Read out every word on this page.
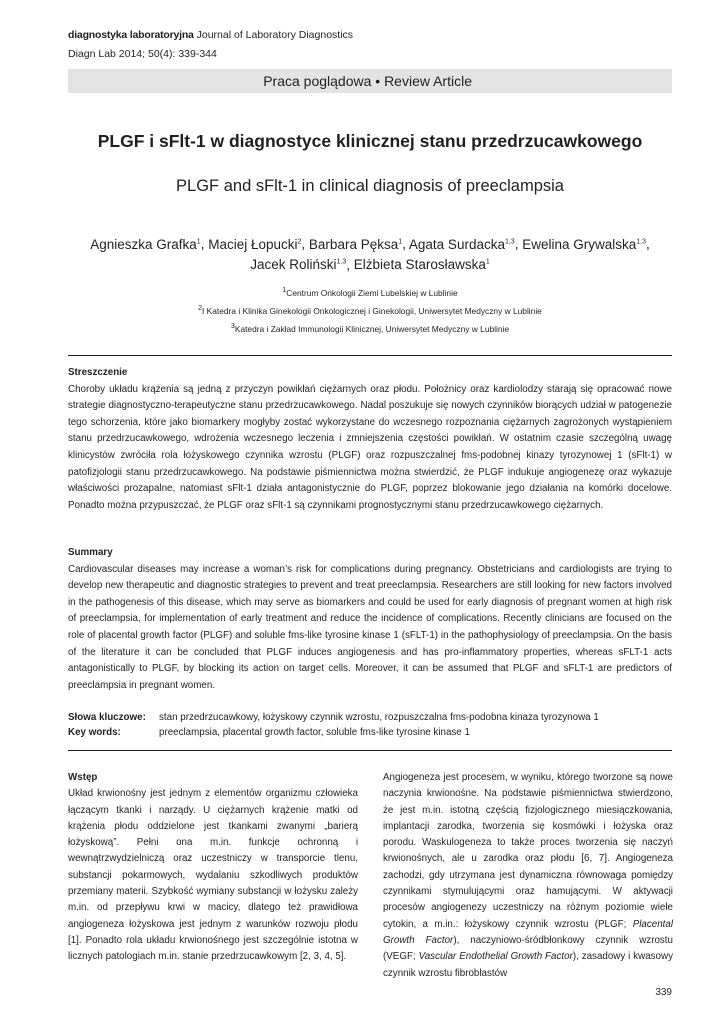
diagnostyka laboratoryjna Journal of Laboratory Diagnostics
Diagn Lab 2014; 50(4): 339-344
Praca poglądowa • Review Article
PLGF i sFlt-1 w diagnostyce klinicznej stanu przedrzucawkowego
PLGF and sFlt-1 in clinical diagnosis of preeclampsia
Agnieszka Grafka$^1$, Maciej Łopucki$^2$, Barbara Pęksa$^1$, Agata Surdacka$^{1,3}$, Ewelina Grywalska$^{1,3}$,
Jacek Roliński$^{1,3}$, Elżbieta Starosławska$^1$
$^1$Centrum Onkologii Ziemi Lubelskiej w Lublinie
$^2$I Katedra i Klinika Ginekologii Onkologicznej i Ginekologii, Uniwersytet Medyczny w Lublinie
$^3$Katedra i Zakład Immunologii Klinicznej, Uniwersytet Medyczny w Lublinie
Streszczenie
Choroby układu krążenia są jedną z przyczyn powikłań ciężarnych oraz płodu. Położnicy oraz kardiolodzy starają się opracować nowe strategie diagnostyczno-terapeutyczne stanu przedrzucawkowego. Nadal poszukuje się nowych czynników biorących udział w patogenezie tego schorzenia, które jako biomarkery mogłyby zostać wykorzystane do wczesnego rozpoznania ciężarnych zagrożonych wystąpieniem stanu przedrzucawkowego, wdrożenia wczesnego leczenia i zmniejszenia częstości powikłań. W ostatnim czasie szczególną uwagę klinicystów zwróciła rola łożyskowego czynnika wzrostu (PLGF) oraz rozpuszczalnej fms-podobnej kinazy tyrozynowej 1 (sFlt-1) w patofizjologii stanu przedrzucawkowego. Na podstawie piśmiennictwa można stwierdzić, że PLGF indukuje angiogenezę oraz wykazuje właściwości prozapalne, natomiast sFlt-1 działa antagonistycznie do PLGF, poprzez blokowanie jego działania na komórki docelowe. Ponadto można przypuszczać, że PLGF oraz sFlt-1 są czynnikami prognostycznymi stanu przedrzucawkowego ciężarnych.
Summary
Cardiovascular diseases may increase a woman’s risk for complications during pregnancy. Obstetricians and cardiologists are trying to develop new therapeutic and diagnostic strategies to prevent and treat preeclampsia. Researchers are still looking for new factors involved in the pathogenesis of this disease, which may serve as biomarkers and could be used for early diagnosis of pregnant women at high risk of preeclampsia, for implementation of early treatment and reduce the incidence of complications. Recently clinicians are focused on the role of placental growth factor (PLGF) and soluble fms-like tyrosine kinase 1 (sFLT-1) in the pathophysiology of preeclampsia. On the basis of the literature it can be concluded that PLGF induces angiogenesis and has pro-inflammatory properties, whereas sFLT-1 acts antagonistically to PLGF, by blocking its action on target cells. Moreover, it can be assumed that PLGF and sFLT-1 are predictors of preeclampsia in pregnant women.
Słowa kluczowe: stan przedrzucawkowy, łożyskowy czynnik wzrostu, rozpuszczalna fms-podobna kinaza tyrozynowa 1
Key words:	preeclampsia, placental growth factor, soluble fms-like tyrosine kinase 1
Wstęp
Układ krwionośny jest jednym z elementów organizmu człowieka łączącym tkanki i narządy. U ciężarnych krążenie matki od krążenia płodu oddzielone jest tkankami zwanymi „barierą łożyskową”. Pełni ona m.in. funkcje ochronną i wewnątrzwydzielniczą oraz uczestniczy w transporcie tlenu, substancji pokarmowych, wydalaniu szkodliwych produktów przemiany materii. Szybkość wymiany substancji w łożysku zależy m.in. od przepływu krwi w macicy, dlatego też prawidłowa angiogeneza łożyskowa jest jednym z warunków rozwoju płodu [1]. Ponadto rola układu krwionośnego jest szczególnie istotna w licznych patologiach m.in. stanie przedrzucawkowym [2, 3, 4, 5].
Angiogeneza jest procesem, w wyniku, którego tworzone są nowe naczynia krwionośne. Na podstawie piśmiennictwa stwierdzono, że jest m.in. istotną częścią fizjologicznego miesiączkowania, implantacji zarodka, tworzenia się kosmówki i łożyska oraz porodu. Waskulogeneza to także proces tworzenia się naczyń krwionośnych, ale u zarodka oraz płodu [6, 7]. Angiogeneza zachodzi, gdy utrzymana jest dynamiczna równowaga pomiędzy czynnikami stymulującymi oraz hamującymi. W aktywacji procesów angiogenezy uczestniczy na różnym poziomie wiele cytokin, a m.in.: łożyskowy czynnik wzrostu (PLGF; Placental Growth Factor), naczyniowo-śródbłonkowy czynnik wzrostu (VEGF; Vascular Endothelial Growth Factor), zasadowy i kwasowy czynnik wzrostu fibroblastów
339
